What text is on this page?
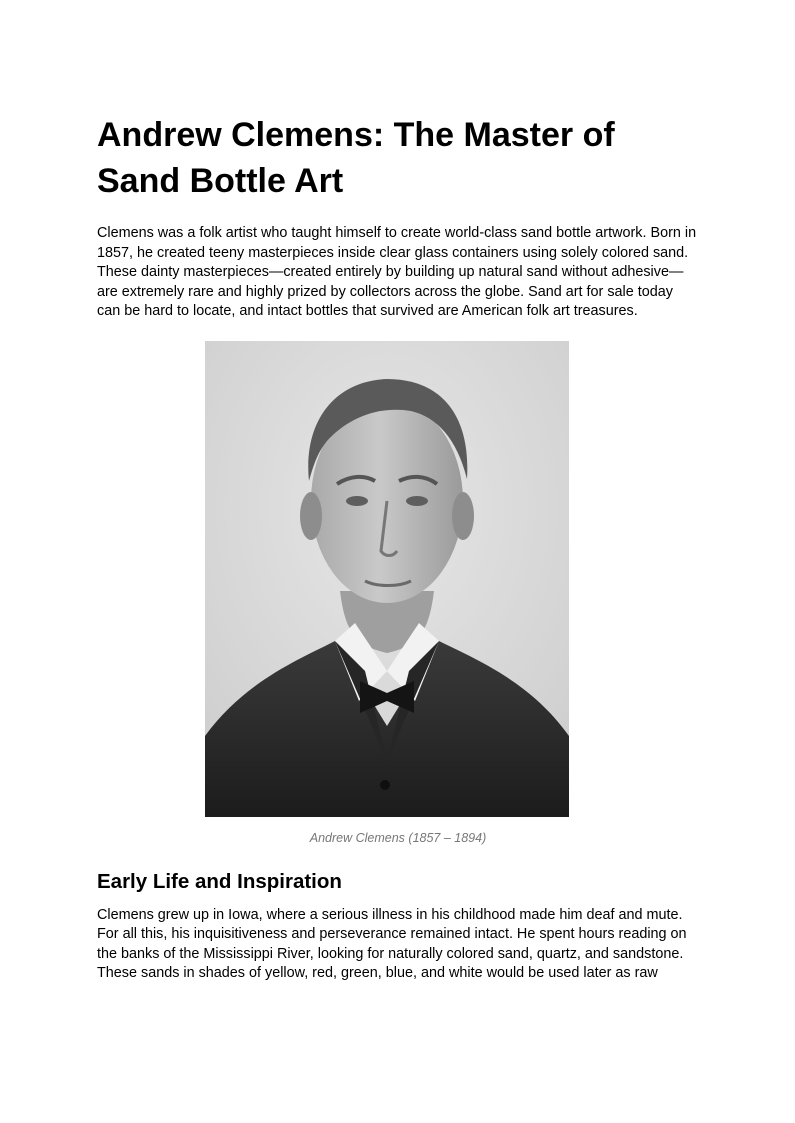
Andrew Clemens: The Master of Sand Bottle Art

Clemens was a folk artist who taught himself to create world-class sand bottle artwork. Born in 1857, he created teeny masterpieces inside clear glass containers using solely colored sand. These dainty masterpieces—created entirely by building up natural sand without adhesive—are extremely rare and highly prized by collectors across the globe. Sand art for sale today can be hard to locate, and intact bottles that survived are American folk art treasures.

Andrew Clemens (1857 – 1894)
Early Life and Inspiration

Clemens grew up in Iowa, where a serious illness in his childhood made him deaf and mute. For all this, his inquisitiveness and perseverance remained intact. He spent hours reading on the banks of the Mississippi River, looking for naturally colored sand, quartz, and sandstone. These sands in shades of yellow, red, green, blue, and white would be used later as raw
